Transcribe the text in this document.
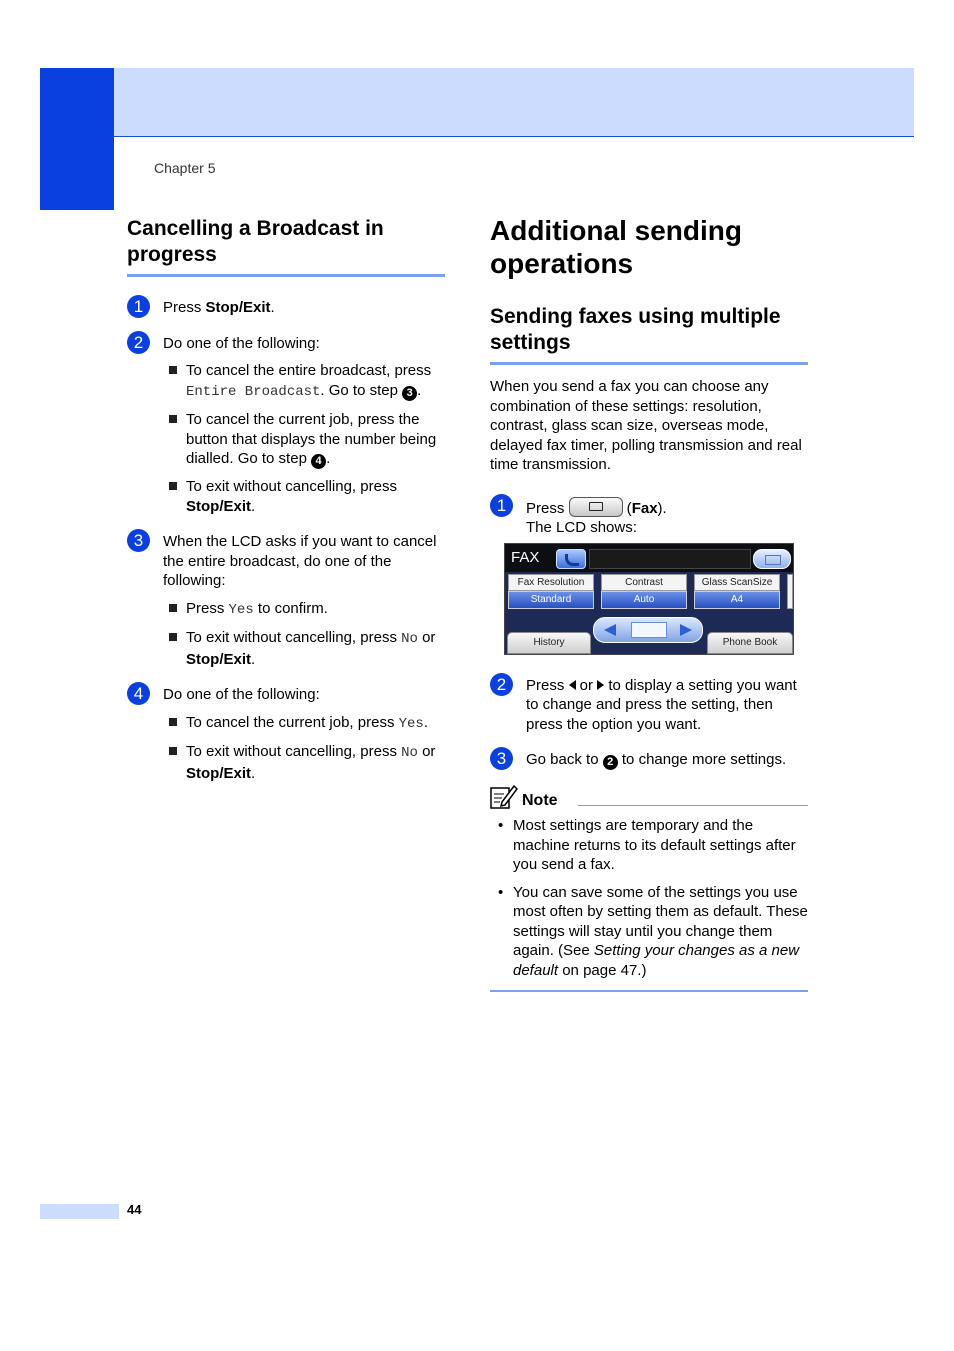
Chapter 5
Cancelling a Broadcast in progress
1	Press Stop/Exit.
2	Do one of the following:
To cancel the entire broadcast, press Entire Broadcast. Go to step 3 .
To cancel the current job, press the button that displays the number being dialled. Go to step 4 .
To exit without cancelling, press Stop/Exit.
3	When the LCD asks if you want to cancel the entire broadcast, do one of the following:
Press Yes to confirm.
To exit without cancelling, press No or Stop/Exit.
4	Do one of the following:
To cancel the current job, press Yes.
To exit without cancelling, press No or Stop/Exit.
Additional sending operations
Sending faxes using multiple settings
When you send a fax you can choose any combination of these settings: resolution, contrast, glass scan size, overseas mode, delayed fax timer, polling transmission and real time transmission.
1	Press	(Fax).
The LCD shows:
FAX
Fax Resolution
Standard
Contrast
Auto
Glass ScanSize
A4
History	Phone Book
2	Press  or  to display a setting you want to change and press the setting, then press the option you want.
3	Go back to 2 to change more settings.
Note
• Most settings are temporary and the machine returns to its default settings after you send a fax.
• You can save some of the settings you use most often by setting them as default. These settings will stay until you change them again. (See Setting your changes as a new default on page 47.)
44
